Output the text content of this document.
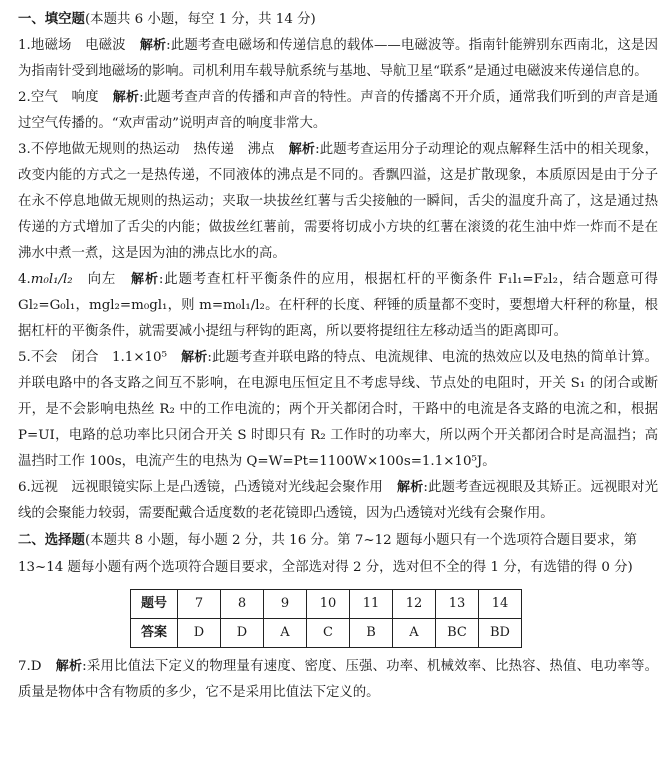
一、填空题(本题共 6 小题，每空 1 分，共 14 分)

1.地磁场　电磁波 解析:此题考查电磁场和传递信息的载体——电磁波等。指南针能辨别东西南北，这是因为指南针受到地磁场的影响。司机利用车载导航系统与基地、导航卫星“联系”是通过电磁波来传递信息的。

2.空气　响度 解析:此题考查声音的传播和声音的特性。声音的传播离不开介质，通常我们听到的声音是通过空气传播的。“欢声雷动”说明声音的响度非常大。

3.不停地做无规则的热运动　热传递　沸点 解析:此题考查运用分子动理论的观点解释生活中的相关现象，改变内能的方式之一是热传递，不同液体的沸点是不同的。香飘四溢，这是扩散现象，本质原因是由于分子在永不停息地做无规则的热运动；夹取一块拔丝红薯与舌尖接触的一瞬间，舌尖的温度升高了，这是通过热传递的方式增加了舌尖的内能；做拔丝红薯前，需要将切成小方块的红薯在滚烫的花生油中炸一炸而不是在沸水中煮一煮，这是因为油的沸点比水的高。

4.m₀l₁/l₂ 向左 解析:此题考查杠杆平衡条件的应用，根据杠杆的平衡条件 F₁l₁=F₂l₂，结合题意可得 Gl₂=G₀l₁，mgl₂=m₀gl₁，则 m=m₀l₁/l₂。在杆秤的长度、秤锤的质量都不变时，要想增大杆秤的称量，根据杠杆的平衡条件，就需要减小提纽与秤钩的距离，所以要将提纽往左移动适当的距离即可。

5.不会　闭合　1.1×10⁵ 解析:此题考查并联电路的特点、电流规律、电流的热效应以及电热的简单计算。并联电路中的各支路之间互不影响，在电源电压恒定且不考虑导线、节点处的电阻时，开关 S₁ 的闭合或断开，是不会影响电热丝 R₂ 中的工作电流的；两个开关都闭合时，干路中的电流是各支路的电流之和，根据 P=UI，电路的总功率比只闭合开关 S 时即只有 R₂ 工作时的功率大，所以两个开关都闭合时是高温挡；高温挡时工作 100s，电流产生的电热为 Q=W=Pt=1100W×100s=1.1×10⁵J。

6.远视　远视眼镜实际上是凸透镜，凸透镜对光线起会聚作用 解析:此题考查远视眼及其矫正。远视眼对光线的会聚能力较弱，需要配戴合适度数的老花镜即凸透镜，因为凸透镜对光线有会聚作用。

二、选择题(本题共 8 小题，每小题 2 分，共 16 分。第 7~12 题每小题只有一个选项符合题目要求，第 13~14 题每小题有两个选项符合题目要求，全部选对得 2 分，选对但不全的得 1 分，有选错的得 0 分)
题号	7	8	9	10	11	12	13	14
答案	D	D	A	C	B	A	BC	BD

7.D 解析:采用比值法下定义的物理量有速度、密度、压强、功率、机械效率、比热容、热值、电功率等。质量是物体中含有物质的多少，它不是采用比值法下定义的。
